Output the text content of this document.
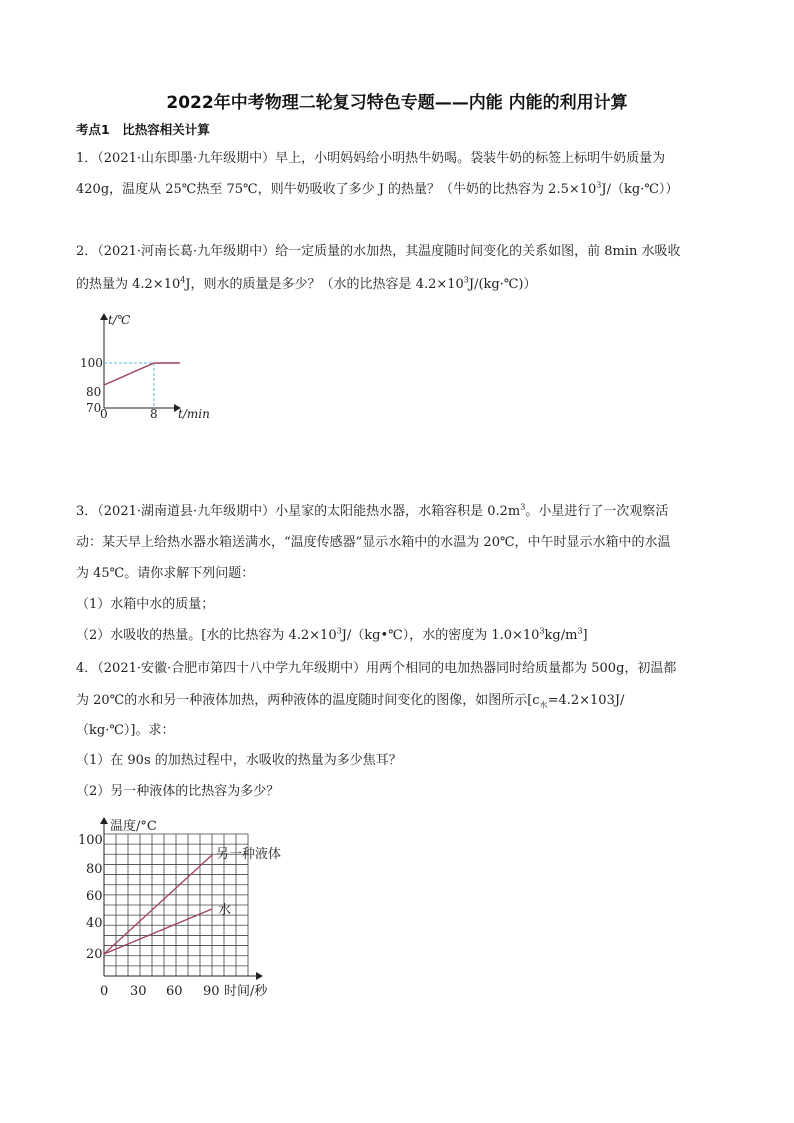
2022年中考物理二轮复习特色专题——内能 内能的利用计算
考点1　比热容相关计算
1．（2021·山东即墨·九年级期中）早上，小明妈妈给小明热牛奶喝。袋装牛奶的标签上标明牛奶质量为
420g，温度从 25℃热至 75℃，则牛奶吸收了多少 J 的热量？（牛奶的比热容为 $2.5\times 10^3J/(kg\cdot℃)$）
2．（2021·河南长葛·九年级期中）给一定质量的水加热，其温度随时间变化的关系如图，前 8min 水吸收
的热量为 $4.2\times 10^4J$，则水的质量是多少？（水的比热容是 $4.2\times 10^3J/(kg\cdot℃)$）
t/℃
100
80
70
0	8 t/min
3．（2021·湖南道县·九年级期中）小星家的太阳能热水器，水箱容积是 $0.2m^3$。小星进行了一次观察活
动：某天早上给热水器水箱送满水，“温度传感器”显示水箱中的水温为 20℃，中午时显示水箱中的水温
为 45℃。请你求解下列问题：
（1）水箱中水的质量；
（2）水吸收的热量。[水的比热容为 $4.2\times 10^3J/(kg•℃)$，水的密度为 $1.0\times 10^3kg/m^3$]
4．（2021·安徽·合肥市第四十八中学九年级期中）用两个相同的电加热器同时给质量都为 500g，初温都
为 20℃的水和另一种液体加热，两种液体的温度随时间变化的图像，如图所示[$c_水=4.2\times 103J/$
（kg·℃）]。求：
（1）在 90s 的加热过程中，水吸收的热量为多少焦耳？
（2）另一种液体的比热容为多少？
温度/°C
100
80
60
40
20
0 30 60 90 时间/秒
另一种液体
水
